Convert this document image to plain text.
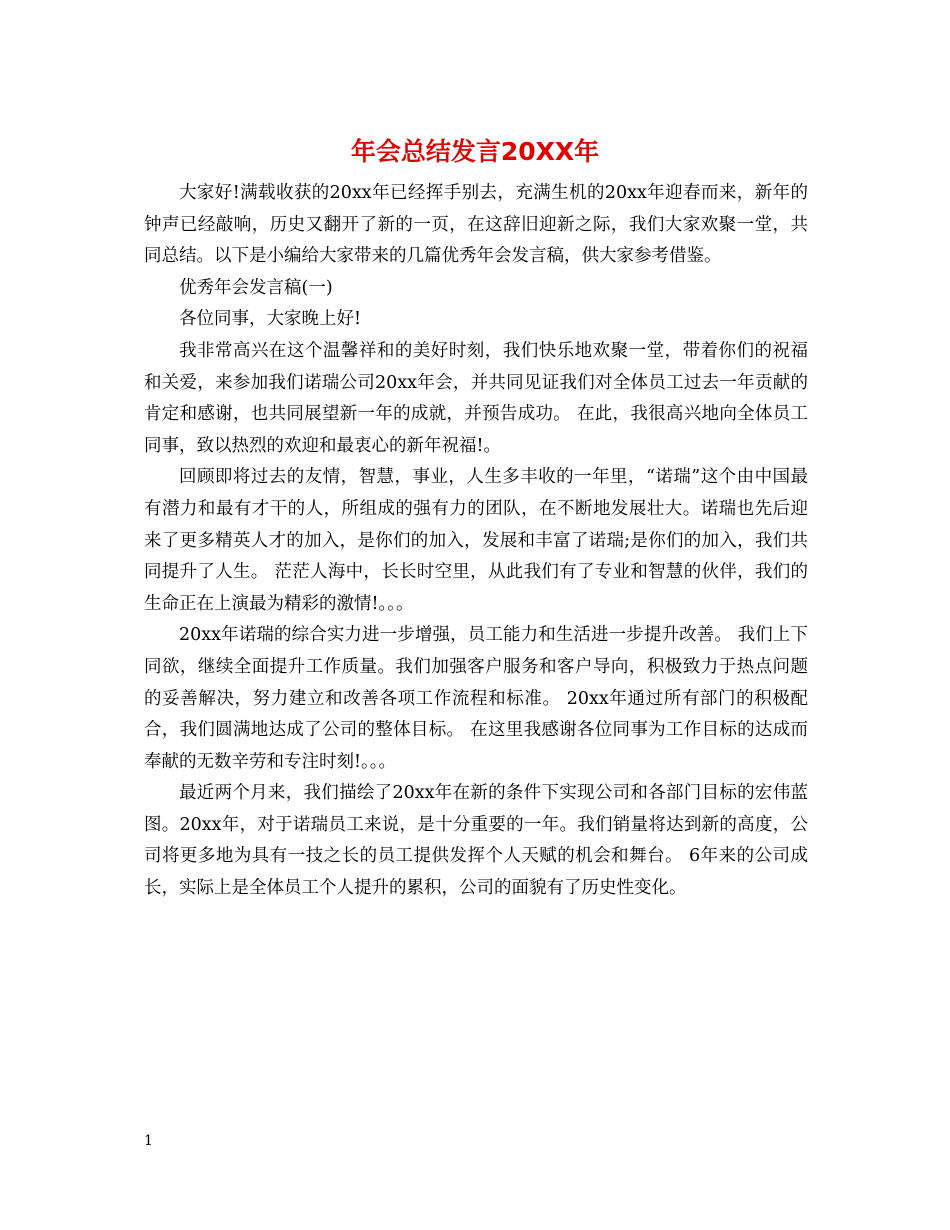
年会总结发言20XX年

大家好!满载收获的20xx年已经挥手别去，充满生机的20xx年迎春而来，新年的钟声已经敲响，历史又翻开了新的一页，在这辞旧迎新之际，我们大家欢聚一堂，共同总结。以下是小编给大家带来的几篇优秀年会发言稿，供大家参考借鉴。

优秀年会发言稿(一)

各位同事，大家晚上好!

我非常高兴在这个温馨祥和的美好时刻，我们快乐地欢聚一堂，带着你们的祝福和关爱，来参加我们诺瑞公司20xx年会，并共同见证我们对全体员工过去一年贡献的肯定和感谢，也共同展望新一年的成就，并预告成功。 在此，我很高兴地向全体员工同事，致以热烈的欢迎和最衷心的新年祝福!。

回顾即将过去的友情，智慧，事业，人生多丰收的一年里，“诺瑞”这个由中国最有潜力和最有才干的人，所组成的强有力的团队，在不断地发展壮大。诺瑞也先后迎来了更多精英人才的加入，是你们的加入，发展和丰富了诺瑞;是你们的加入，我们共同提升了人生。 茫茫人海中，长长时空里，从此我们有了专业和智慧的伙伴，我们的生命正在上演最为精彩的激情!。。。

20xx年诺瑞的综合实力进一步增强，员工能力和生活进一步提升改善。 我们上下同欲，继续全面提升工作质量。我们加强客户服务和客户导向，积极致力于热点问题的妥善解决，努力建立和改善各项工作流程和标准。 20xx年通过所有部门的积极配合，我们圆满地达成了公司的整体目标。 在这里我感谢各位同事为工作目标的达成而奉献的无数辛劳和专注时刻!。。。

最近两个月来，我们描绘了20xx年在新的条件下实现公司和各部门目标的宏伟蓝图。20xx年，对于诺瑞员工来说，是十分重要的一年。我们销量将达到新的高度，公司将更多地为具有一技之长的员工提供发挥个人天赋的机会和舞台。 6年来的公司成长，实际上是全体员工个人提升的累积，公司的面貌有了历史性变化。

1
